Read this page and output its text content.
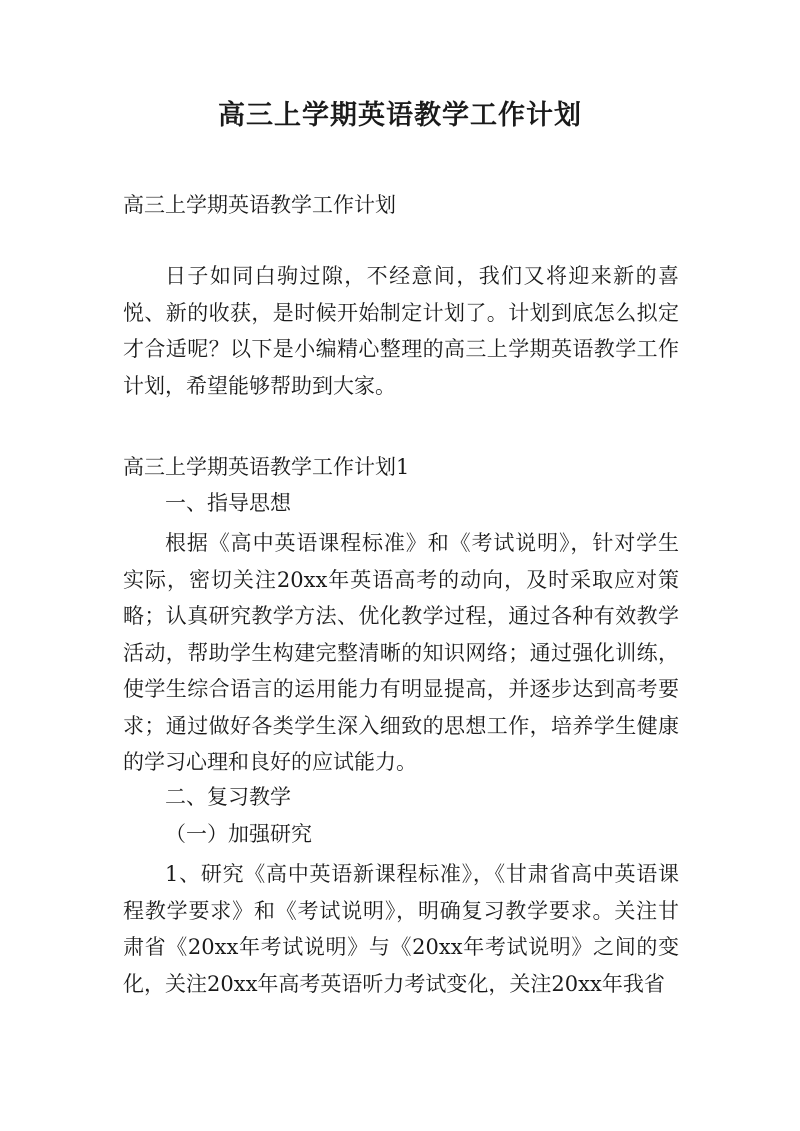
高三上学期英语教学工作计划

高三上学期英语教学工作计划

日子如同白驹过隙，不经意间，我们又将迎来新的喜悦、新的收获，是时候开始制定计划了。计划到底怎么拟定才合适呢？以下是小编精心整理的高三上学期英语教学工作计划，希望能够帮助到大家。

高三上学期英语教学工作计划1

一、指导思想

根据《高中英语课程标准》和《考试说明》，针对学生实际，密切关注20xx年英语高考的动向，及时采取应对策略；认真研究教学方法、优化教学过程，通过各种有效教学活动，帮助学生构建完整清晰的知识网络；通过强化训练，使学生综合语言的运用能力有明显提高，并逐步达到高考要求；通过做好各类学生深入细致的思想工作，培养学生健康的学习心理和良好的应试能力。

二、复习教学

（一）加强研究

1、研究《高中英语新课程标准》，《甘肃省高中英语课程教学要求》和《考试说明》，明确复习教学要求。关注甘肃省《20xx年考试说明》与《20xx年考试说明》之间的变化，关注20xx年高考英语听力考试变化，关注20xx年我省
